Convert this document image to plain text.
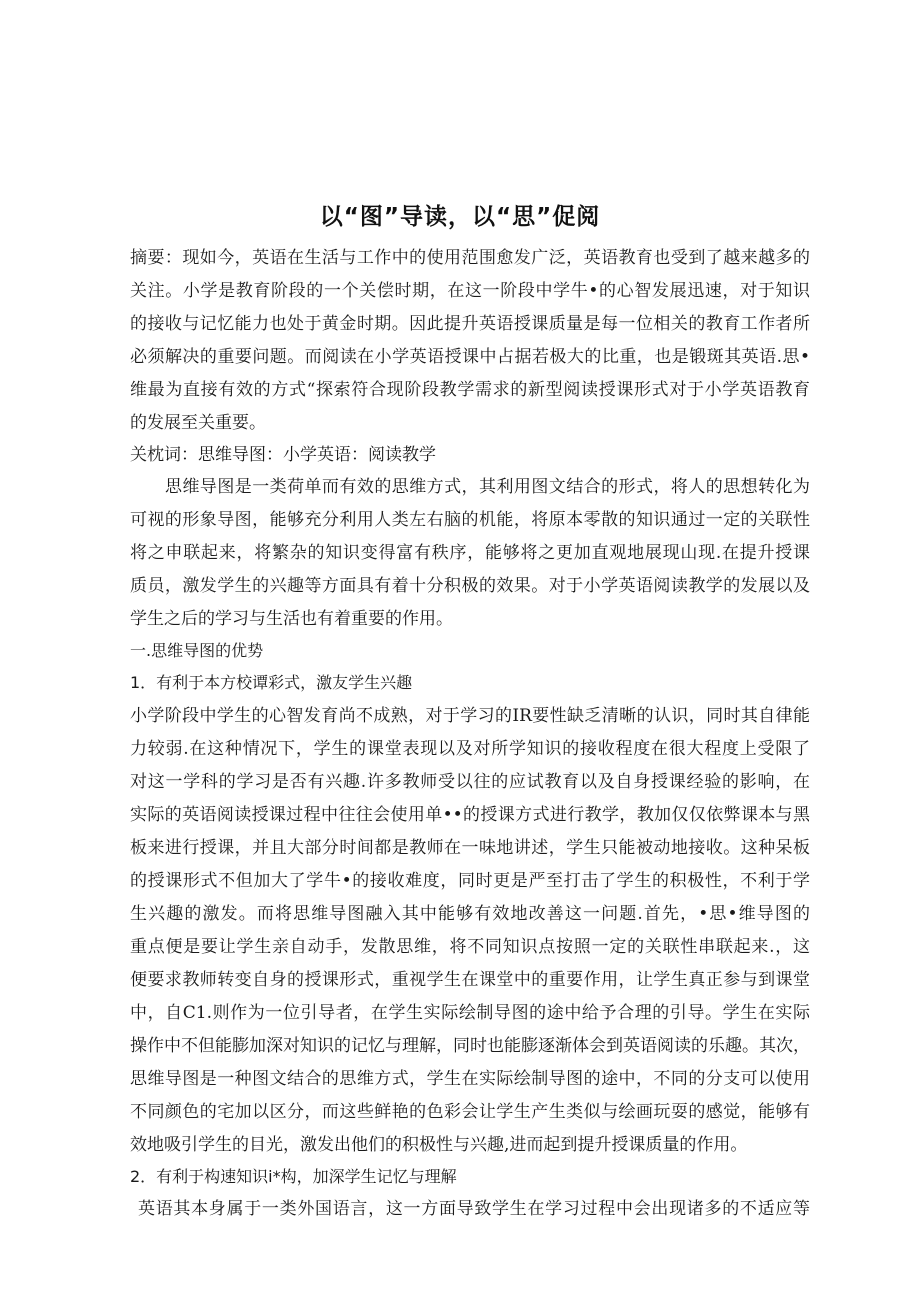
以“图”导读，以“思”促阅
摘要：现如今，英语在生活与工作中的使用范围愈发广泛，英语教育也受到了越来越多的
关注。小学是教育阶段的一个关偿时期，在这一阶段中学牛•的心智发展迅速，对于知识
的接收与记忆能力也处于黄金时期。因此提升英语授课质量是每一位相关的教育工作者所
必须解决的重要问题。而阅读在小学英语授课中占据若极大的比重，也是锻斑其英语.思•
维最为直接有效的方式“探索符合现阶段教学需求的新型阅读授课形式对于小学英语教育
的发展至关重要。
关枕词：思维导图：小学英语：阅读教学
思维导图是一类荷单而有效的思维方式，其利用图文结合的形式，将人的思想转化为
可视的形象导图，能够充分利用人类左右脑的机能，将原本零散的知识通过一定的关联性
将之申联起来，将繁杂的知识变得富有秩序，能够将之更加直观地展现山现.在提升授课
质员，激发学生的兴趣等方面具有着十分积极的效果。对于小学英语阅读教学的发展以及
学生之后的学习与生活也有着重要的作用。
一.思维导图的优势
1．有利于本方校谭彩式，激友学生兴趣
小学阶段中学生的心智发育尚不成熟，对于学习的IR要性缺乏清晰的认识，同时其自律能
力较弱.在这种情况下，学生的课堂表现以及对所学知识的接收程度在很大程度上受限了
对这一学科的学习是否有兴趣.许多教师受以往的应试教育以及自身授课经验的影响，在
实际的英语阅读授课过程中往往会使用单••的授课方式进行教学，教加仅仅依弊课本与黑
板来进行授课，并且大部分时间都是教师在一味地讲述，学生只能被动地接收。这种呆板
的授课形式不但加大了学牛•的接收难度，同时更是严至打击了学生的积极性，不利于学
生兴趣的激发。而将思维导图融入其中能够有效地改善这一问题.首先，•思•维导图的
重点便是要让学生亲自动手，发散思维，将不同知识点按照一定的关联性串联起来.，这
便要求教师转变自身的授课形式，重视学生在课堂中的重要作用，让学生真正参与到课堂
中，自C1.则作为一位引导者，在学生实际绘制导图的途中给予合理的引导。学生在实际
操作中不但能膨加深对知识的记忆与理解，同时也能膨逐渐体会到英语阅读的乐趣。其次，
思维导图是一种图文结合的思维方式，学生在实际绘制导图的途中，不同的分支可以使用
不同颜色的宅加以区分，而这些鲜艳的色彩会让学生产生类似与绘画玩耍的感觉，能够有
效地吸引学生的目光，激发出他们的积极性与兴趣,进而起到提升授课质量的作用。
2．有利于构速知识i*构，加深学生记忆与理解
英语其本身属于一类外国语言，这一方面导致学生在学习过程中会出现诸多的不适应等
